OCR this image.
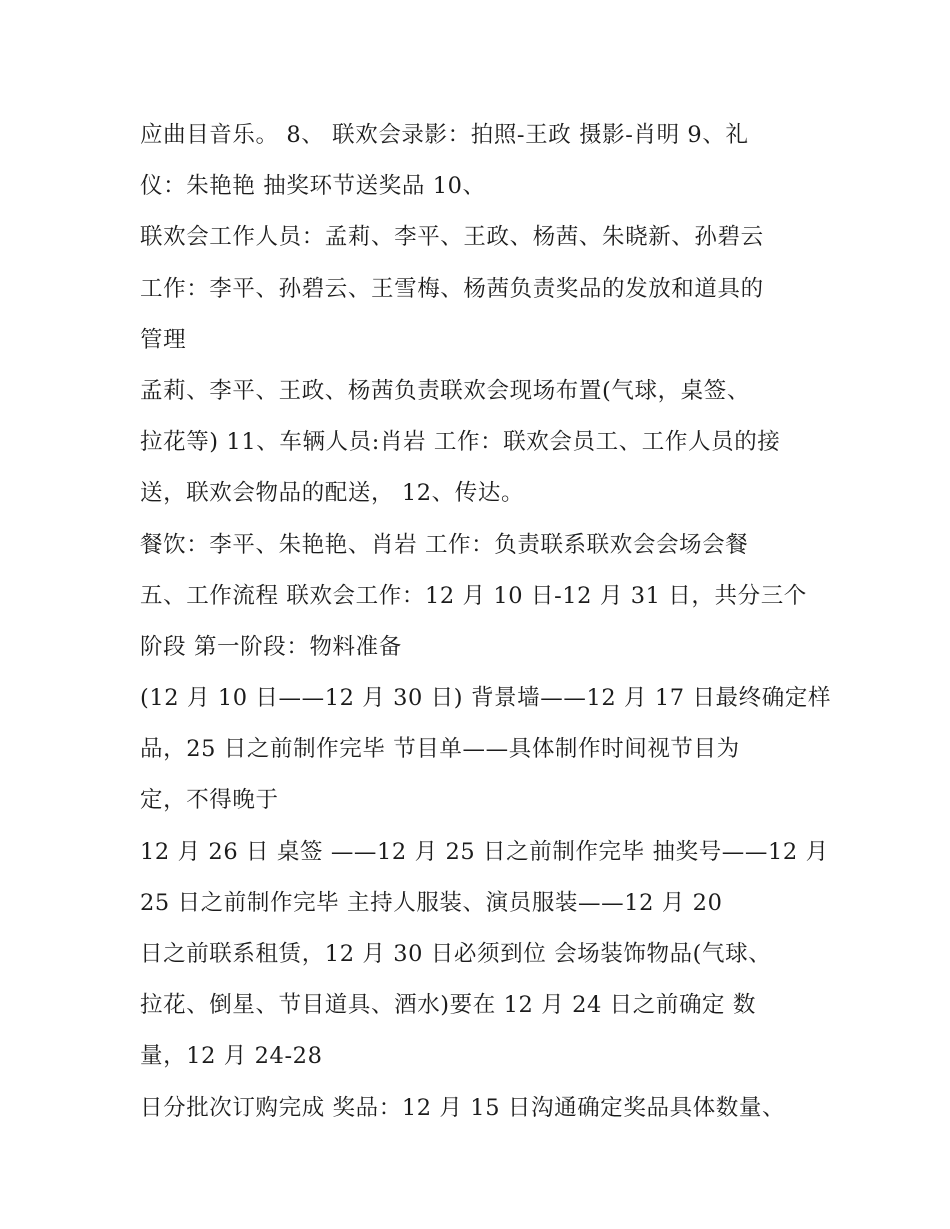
应曲目音乐。 8、 联欢会录影：拍照-王政 摄影-肖明 9、礼
仪：朱艳艳 抽奖环节送奖品 10、
联欢会工作人员：孟莉、李平、王政、杨茜、朱晓新、孙碧云
工作：李平、孙碧云、王雪梅、杨茜负责奖品的发放和道具的
管理
孟莉、李平、王政、杨茜负责联欢会现场布置(气球，桌签、
拉花等) 11、车辆人员:肖岩 工作：联欢会员工、工作人员的接
送，联欢会物品的配送， 12、传达。
餐饮：李平、朱艳艳、肖岩 工作：负责联系联欢会会场会餐
五、工作流程 联欢会工作：12 月 10 日-12 月 31 日，共分三个
阶段 第一阶段：物料准备
(12 月 10 日——12 月 30 日) 背景墙——12 月 17 日最终确定样
品，25 日之前制作完毕 节目单——具体制作时间视节目为
定，不得晚于
12 月 26 日 桌签 ——12 月 25 日之前制作完毕 抽奖号——12 月
25 日之前制作完毕 主持人服装、演员服装——12 月 20
日之前联系租赁，12 月 30 日必须到位 会场装饰物品(气球、
拉花、倒星、节目道具、酒水)要在 12 月 24 日之前确定 数
量，12 月 24-28
日分批次订购完成 奖品：12 月 15 日沟通确定奖品具体数量、
